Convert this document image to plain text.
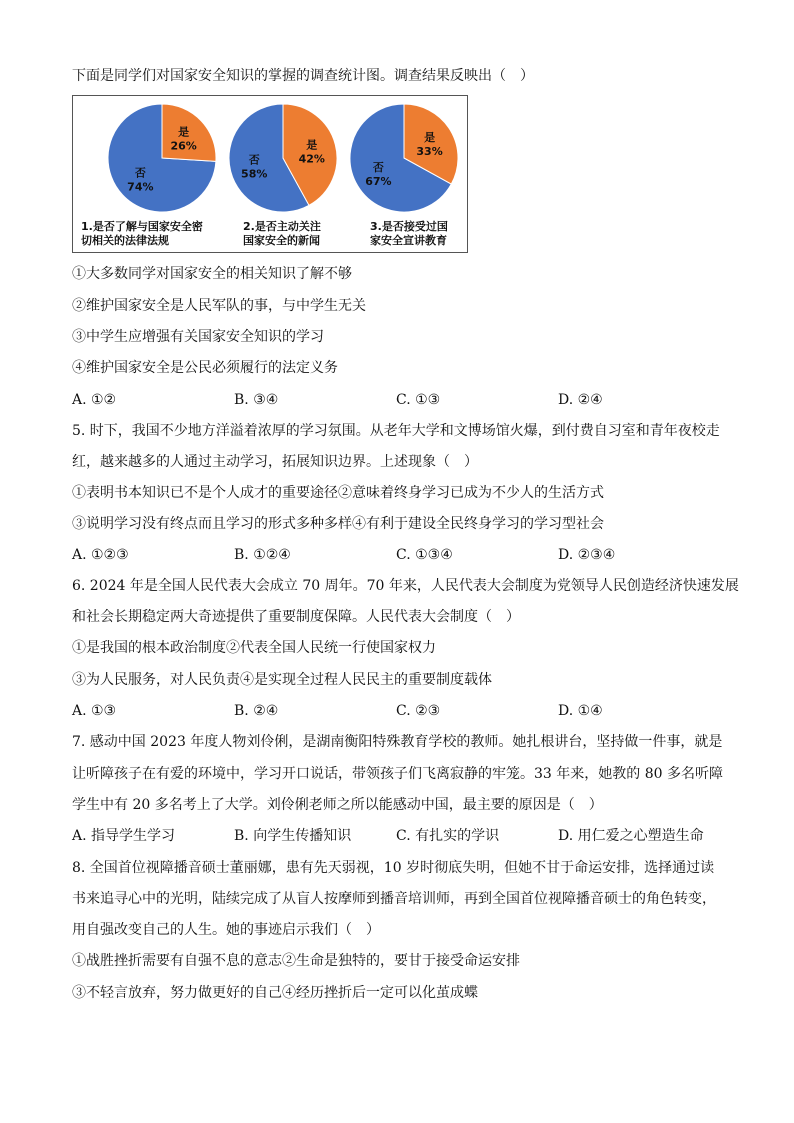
下面是同学们对国家安全知识的掌握的调查统计图。调查结果反映出（　）
是
26%
否
74%
是
42%
否
58%
是
33%
否
67%
1.是否了解与国家安全密
切相关的法律法规
2.是否主动关注
国家安全的新闻
3.是否接受过国
家安全宣讲教育
①大多数同学对国家安全的相关知识了解不够
②维护国家安全是人民军队的事，与中学生无关
③中学生应增强有关国家安全知识的学习
④维护国家安全是公民必须履行的法定义务
A. ①②	B. ③④	C. ①③	D. ②④
5. 时下，我国不少地方洋溢着浓厚的学习氛围。从老年大学和文博场馆火爆，到付费自习室和青年夜校走
红，越来越多的人通过主动学习，拓展知识边界。上述现象（　）
①表明书本知识已不是个人成才的重要途径②意味着终身学习已成为不少人的生活方式
③说明学习没有终点而且学习的形式多种多样④有利于建设全民终身学习的学习型社会
A. ①②③	B. ①②④	C. ①③④	D. ②③④
6. 2024 年是全国人民代表大会成立 70 周年。70 年来，人民代表大会制度为党领导人民创造经济快速发展
和社会长期稳定两大奇迹提供了重要制度保障。人民代表大会制度（　）
①是我国的根本政治制度②代表全国人民统一行使国家权力
③为人民服务，对人民负责④是实现全过程人民民主的重要制度载体
A. ①③	B. ②④	C. ②③	D. ①④
7. 感动中国 2023 年度人物刘伶俐，是湖南衡阳特殊教育学校的教师。她扎根讲台，坚持做一件事，就是
让听障孩子在有爱的环境中，学习开口说话，带领孩子们飞离寂静的牢笼。33 年来，她教的 80 多名听障
学生中有 20 多名考上了大学。刘伶俐老师之所以能感动中国，最主要的原因是（　）
A. 指导学生学习	B. 向学生传播知识	C. 有扎实的学识	D. 用仁爱之心塑造生命
8. 全国首位视障播音硕士董丽娜，患有先天弱视，10 岁时彻底失明，但她不甘于命运安排，选择通过读
书来追寻心中的光明，陆续完成了从盲人按摩师到播音培训师，再到全国首位视障播音硕士的角色转变，
用自强改变自己的人生。她的事迹启示我们（　）
①战胜挫折需要有自强不息的意志②生命是独特的，要甘于接受命运安排
③不轻言放弃，努力做更好的自己④经历挫折后一定可以化茧成蝶
